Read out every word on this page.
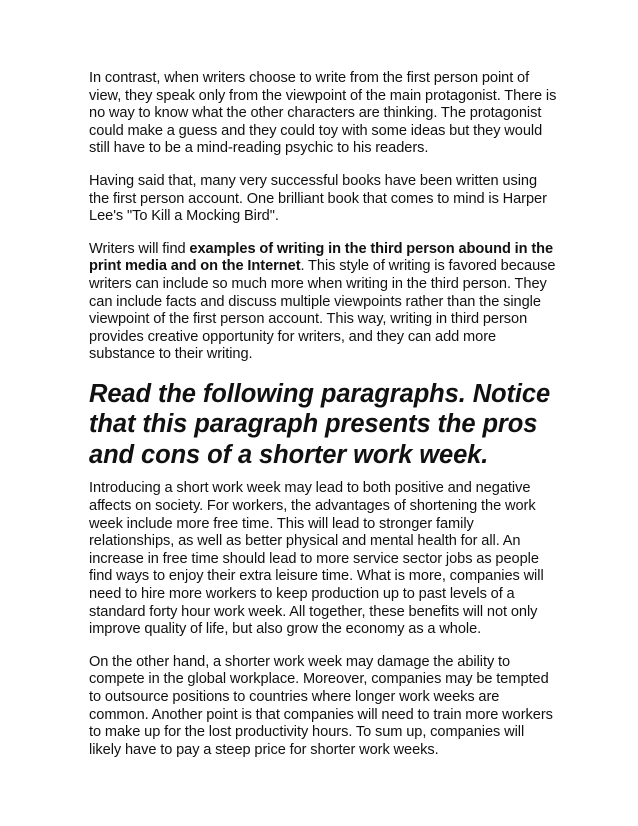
In contrast, when writers choose to write from the first person point of view, they speak only from the viewpoint of the main protagonist. There is no way to know what the other characters are thinking. The protagonist could make a guess and they could toy with some ideas but they would still have to be a mind-reading psychic to his readers.

Having said that, many very successful books have been written using the first person account. One brilliant book that comes to mind is Harper Lee's "To Kill a Mocking Bird".

Writers will find examples of writing in the third person abound in the print media and on the Internet. This style of writing is favored because writers can include so much more when writing in the third person. They can include facts and discuss multiple viewpoints rather than the single viewpoint of the first person account. This way, writing in third person provides creative opportunity for writers, and they can add more substance to their writing.

Read the following paragraphs. Notice that this paragraph presents the pros and cons of a shorter work week.

Introducing a short work week may lead to both positive and negative affects on society. For workers, the advantages of shortening the work week include more free time. This will lead to stronger family relationships, as well as better physical and mental health for all. An increase in free time should lead to more service sector jobs as people find ways to enjoy their extra leisure time. What is more, companies will need to hire more workers to keep production up to past levels of a standard forty hour work week. All together, these benefits will not only improve quality of life, but also grow the economy as a whole.

On the other hand, a shorter work week may damage the ability to compete in the global workplace. Moreover, companies may be tempted to outsource positions to countries where longer work weeks are common. Another point is that companies will need to train more workers to make up for the lost productivity hours. To sum up, companies will likely have to pay a steep price for shorter work weeks.
